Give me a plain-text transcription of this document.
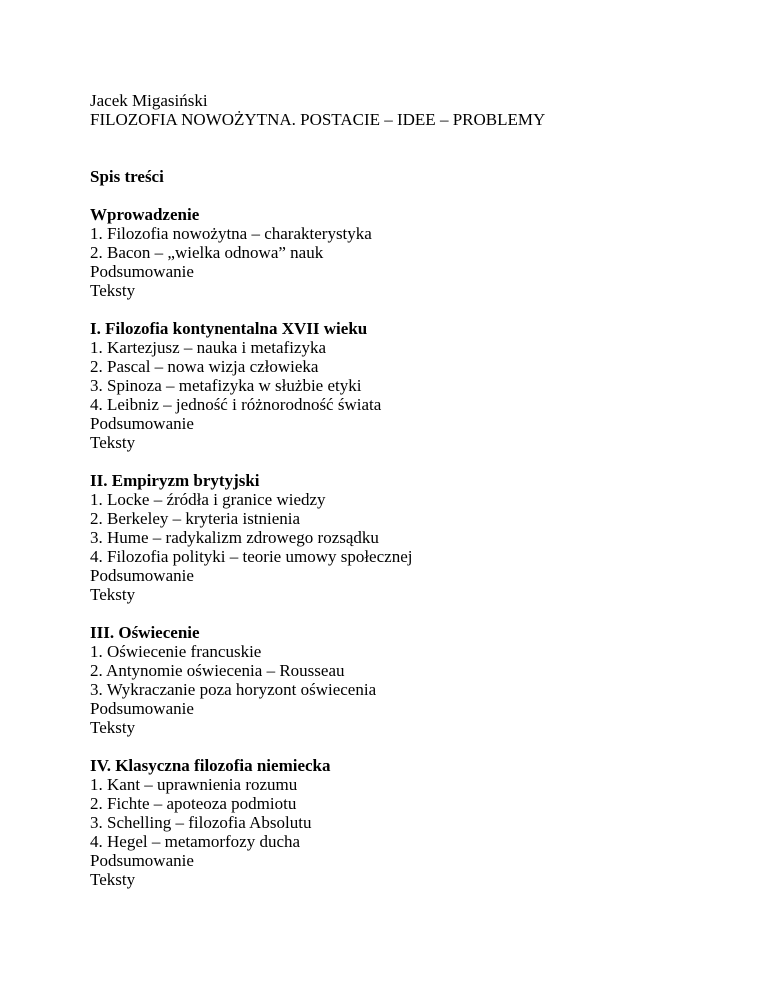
Jacek Migasiński
FILOZOFIA NOWOŻYTNA. POSTACIE – IDEE – PROBLEMY
Spis treści
Wprowadzenie
1. Filozofia nowożytna – charakterystyka
2. Bacon – „wielka odnowa” nauk
Podsumowanie
Teksty
I. Filozofia kontynentalna XVII wieku
1. Kartezjusz – nauka i metafizyka
2. Pascal – nowa wizja człowieka
3. Spinoza – metafizyka w służbie etyki
4. Leibniz – jedność i różnorodność świata
Podsumowanie
Teksty
II. Empiryzm brytyjski
1. Locke – źródła i granice wiedzy
2. Berkeley – kryteria istnienia
3. Hume – radykalizm zdrowego rozsądku
4. Filozofia polityki – teorie umowy społecznej
Podsumowanie
Teksty
III. Oświecenie
1. Oświecenie francuskie
2. Antynomie oświecenia – Rousseau
3. Wykraczanie poza horyzont oświecenia
Podsumowanie
Teksty
IV. Klasyczna filozofia niemiecka
1. Kant – uprawnienia rozumu
2. Fichte – apoteoza podmiotu
3. Schelling – filozofia Absolutu
4. Hegel – metamorfozy ducha
Podsumowanie
Teksty
